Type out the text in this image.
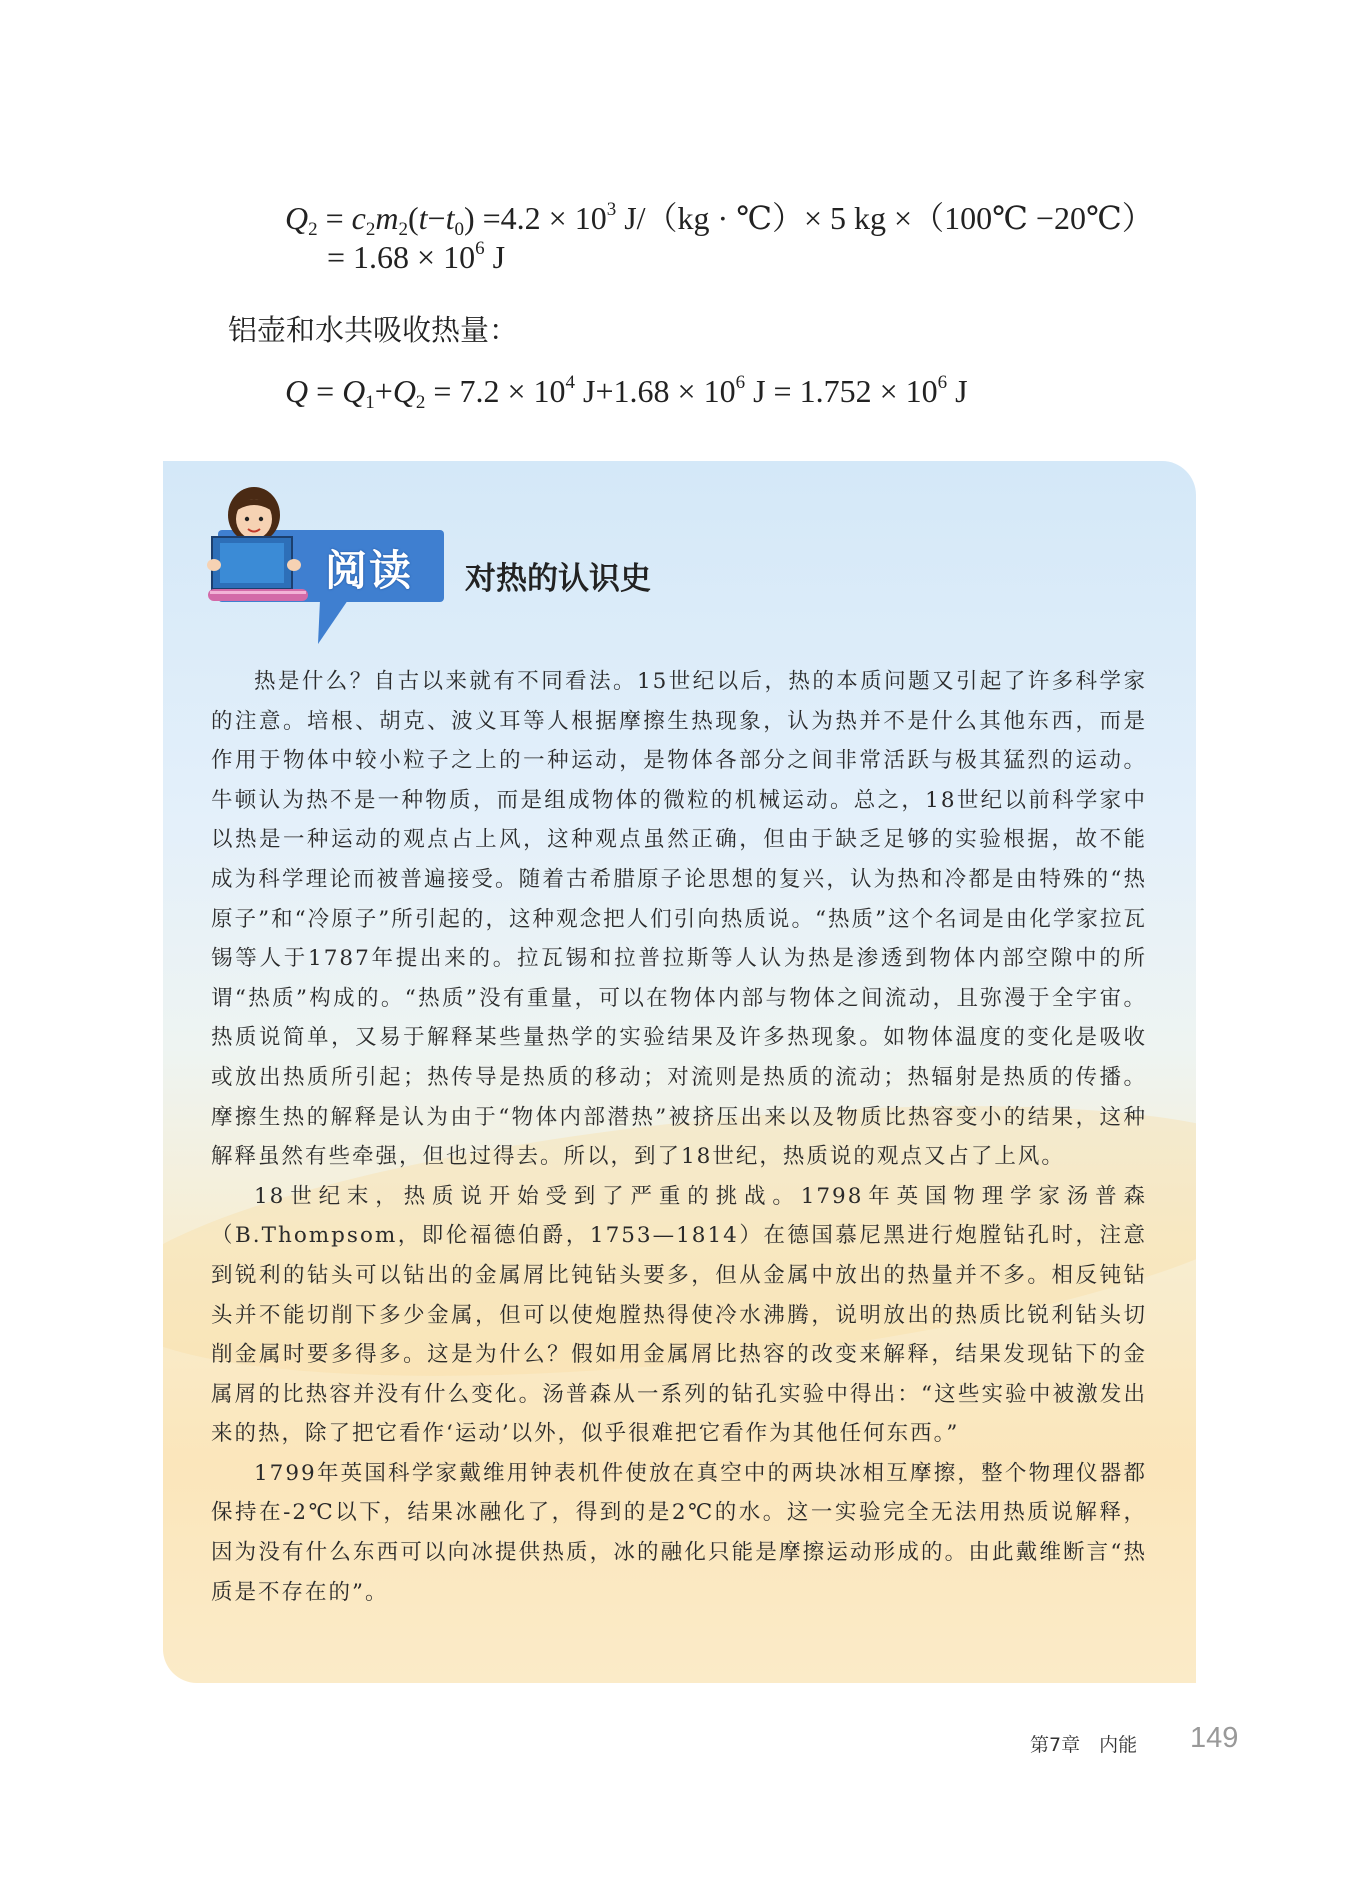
$Q_2 = c_2m_2(t-t_0) =4.2 \times 10^3$ J/（kg · ℃）× 5 kg ×（100℃ −20℃）
= $1.68 \times 10^6$ J
铝壶和水共吸收热量：
$Q = Q_1+Q_2 = 7.2 \times 10^4$ $J+1.68 \times 10^6$ $J = 1.752 \times 10^6$ J
阅读 对热的认识史

热是什么？自古以来就有不同看法。15世纪以后，热的本质问题又引起了许多科学家的注意。培根、胡克、波义耳等人根据摩擦生热现象，认为热并不是什么其他东西，而是作用于物体中较小粒子之上的一种运动，是物体各部分之间非常活跃与极其猛烈的运动。牛顿认为热不是一种物质，而是组成物体的微粒的机械运动。总之，18世纪以前科学家中以热是一种运动的观点占上风，这种观点虽然正确，但由于缺乏足够的实验根据，故不能成为科学理论而被普遍接受。随着古希腊原子论思想的复兴，认为热和冷都是由特殊的“热原子”和“冷原子”所引起的，这种观念把人们引向热质说。“热质”这个名词是由化学家拉瓦锡等人于1787年提出来的。拉瓦锡和拉普拉斯等人认为热是渗透到物体内部空隙中的所谓“热质”构成的。“热质”没有重量，可以在物体内部与物体之间流动，且弥漫于全宇宙。热质说简单，又易于解释某些量热学的实验结果及许多热现象。如物体温度的变化是吸收或放出热质所引起；热传导是热质的移动；对流则是热质的流动；热辐射是热质的传播。摩擦生热的解释是认为由于“物体内部潜热”被挤压出来以及物质比热容变小的结果，这种解释虽然有些牵强，但也过得去。所以，到了18世纪，热质说的观点又占了上风。

18世纪末，热质说开始受到了严重的挑战。1798年英国物理学家汤普森（B.Thompsom，即伦福德伯爵，1753—1814）在德国慕尼黑进行炮膛钻孔时，注意到锐利的钻头可以钻出的金属屑比钝钻头要多，但从金属中放出的热量并不多。相反钝钻头并不能切削下多少金属，但可以使炮膛热得使冷水沸腾，说明放出的热质比锐利钻头切削金属时要多得多。这是为什么？假如用金属屑比热容的改变来解释，结果发现钻下的金属屑的比热容并没有什么变化。汤普森从一系列的钻孔实验中得出：“这些实验中被激发出来的热，除了把它看作‘运动’以外，似乎很难把它看作为其他任何东西。”

1799年英国科学家戴维用钟表机件使放在真空中的两块冰相互摩擦，整个物理仪器都保持在-2℃以下，结果冰融化了，得到的是2℃的水。这一实验完全无法用热质说解释，因为没有什么东西可以向冰提供热质，冰的融化只能是摩擦运动形成的。由此戴维断言“热质是不存在的”。

第7章　内能 149
